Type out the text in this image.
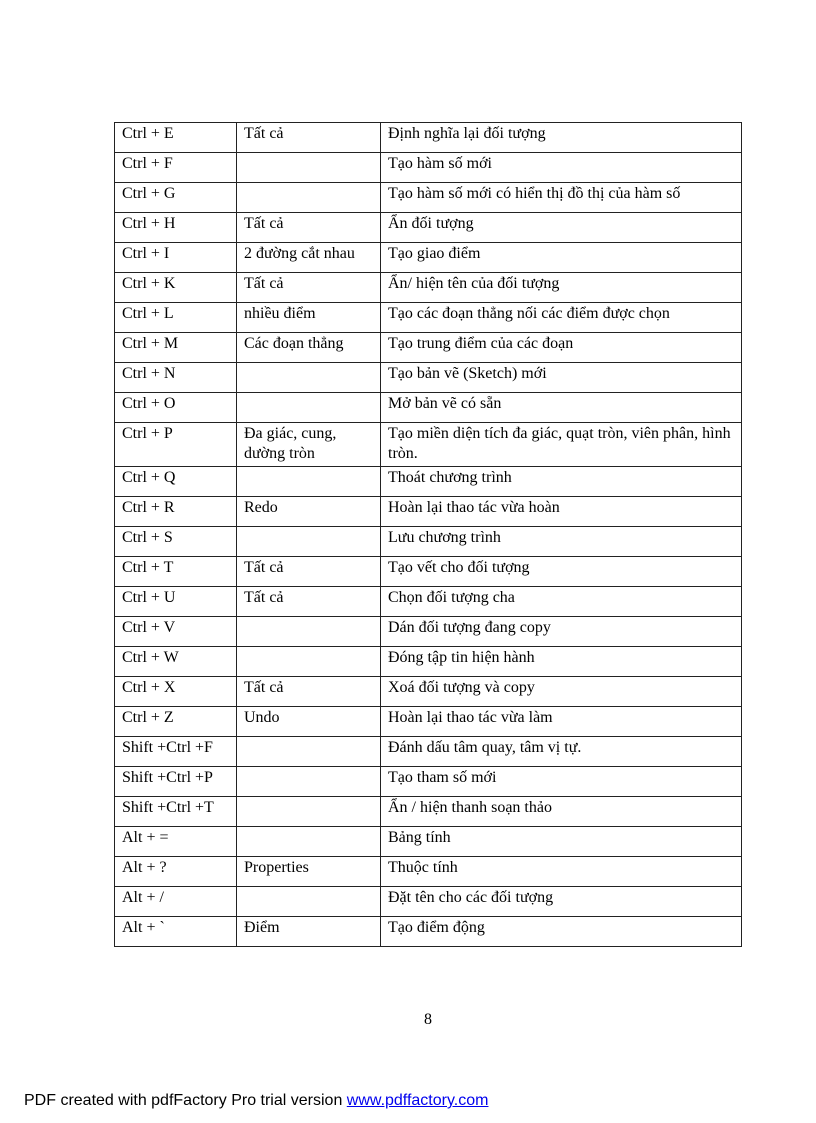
Ctrl + E	Tất cả	Định nghĩa lại đối tượng
Ctrl + F		Tạo hàm số mới
Ctrl + G		Tạo hàm số mới có hiển thị đồ thị của hàm số
Ctrl + H	Tất cả	Ẩn đối tượng
Ctrl + I	2 đường cắt nhau	Tạo giao điểm
Ctrl + K	Tất cả	Ẩn/ hiện tên của đối tượng
Ctrl + L	nhiều điểm	Tạo các đoạn thẳng nối các điểm được chọn
Ctrl + M	Các đoạn thẳng	Tạo trung điểm của các đoạn
Ctrl + N		Tạo bản vẽ (Sketch) mới
Ctrl + O		Mở bản vẽ có sẵn
Ctrl + P	Đa giác, cung, dường tròn	Tạo miền diện tích đa giác, quạt tròn, viên phân, hình tròn.
Ctrl + Q		Thoát chương trình
Ctrl + R	Redo	Hoàn lại thao tác vừa hoàn
Ctrl + S		Lưu chương trình
Ctrl + T	Tất cả	Tạo vết cho đối tượng
Ctrl + U	Tất cả	Chọn đối tượng cha
Ctrl + V		Dán đối tượng đang copy
Ctrl + W		Đóng tập tin hiện hành
Ctrl + X	Tất cả	Xoá đối tượng và copy
Ctrl + Z	Undo	Hoàn lại thao tác vừa làm
Shift +Ctrl +F		Đánh dấu tâm quay, tâm vị tự.
Shift +Ctrl +P		Tạo tham số mới
Shift +Ctrl +T		Ẩn / hiện thanh soạn thảo
Alt + =		Bảng tính
Alt + ?	Properties	Thuộc tính
Alt + /		Đặt tên cho các đối tượng
Alt + `	Điểm	Tạo điểm động
8
PDF created with pdfFactory Pro trial version www.pdffactory.com
